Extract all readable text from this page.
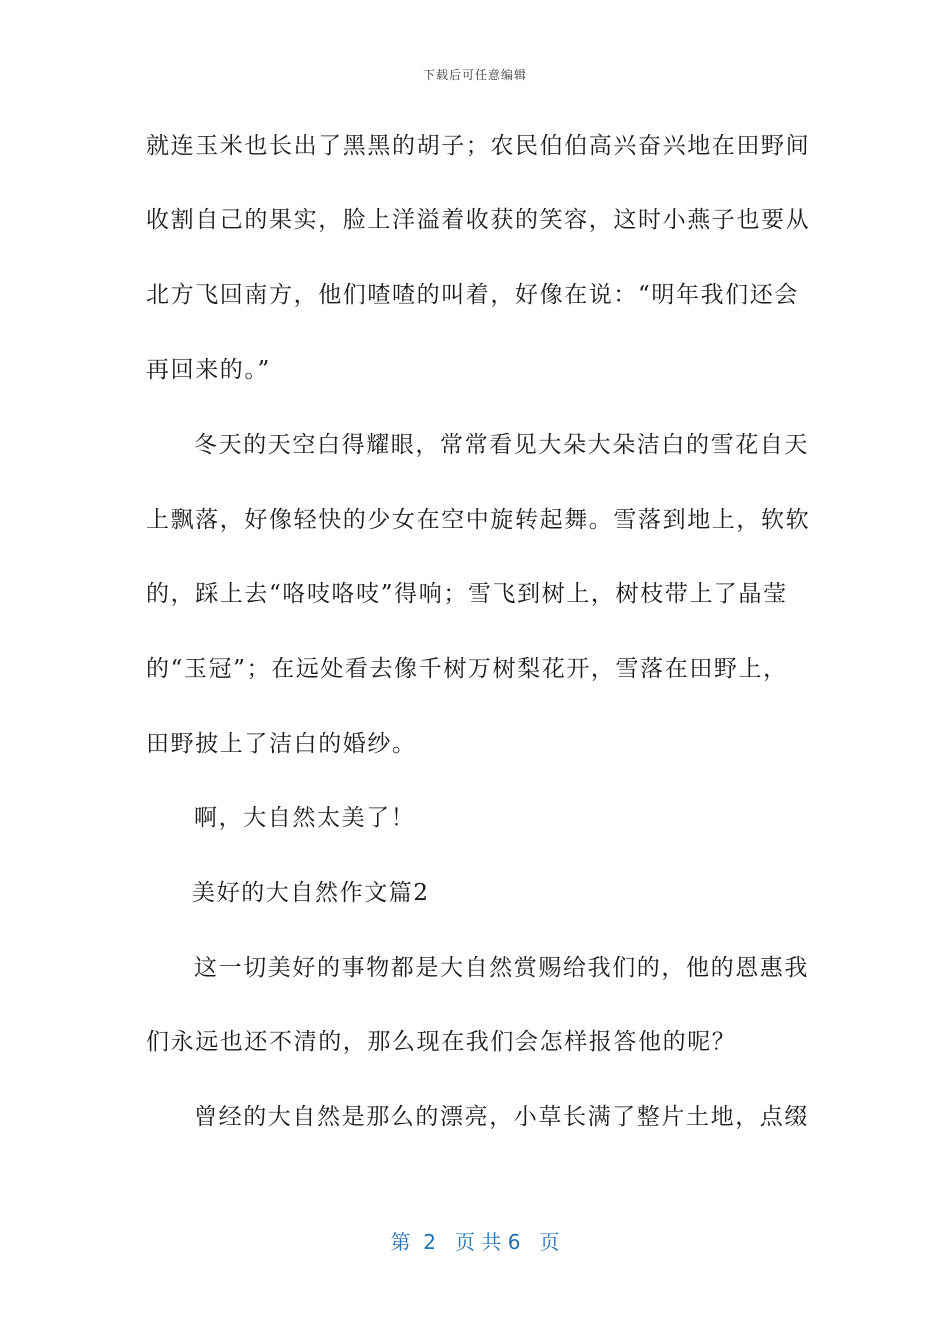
下载后可任意编辑
就连玉米也长出了黑黑的胡子；农民伯伯高兴奋兴地在田野间
收割自己的果实，脸上洋溢着收获的笑容，这时小燕子也要从
北方飞回南方，他们喳喳的叫着，好像在说：“明年我们还会
再回来的。”
冬天的天空白得耀眼，常常看见大朵大朵洁白的雪花自天
上飘落，好像轻快的少女在空中旋转起舞。雪落到地上，软软
的，踩上去“咯吱咯吱”得响；雪飞到树上，树枝带上了晶莹
的“玉冠”；在远处看去像千树万树梨花开，雪落在田野上，
田野披上了洁白的婚纱。
啊，大自然太美了！
美好的大自然作文篇2
这一切美好的事物都是大自然赏赐给我们的，他的恩惠我
们永远也还不清的，那么现在我们会怎样报答他的呢？
曾经的大自然是那么的漂亮，小草长满了整片土地，点缀
第  2   页 共 6   页
